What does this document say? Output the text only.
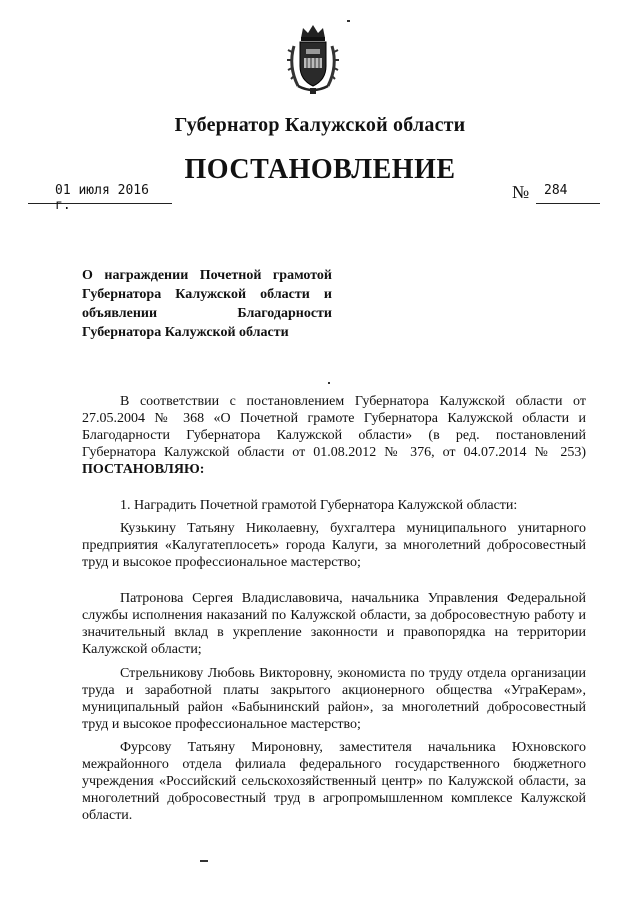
Губернатор Калужской области
ПОСТАНОВЛЕНИЕ
01 июля 2016 г.
№ 284
О награждении Почетной грамотой Губернатора Калужской области и объявлении Благодарности Губернатора Калужской области

В соответствии с постановлением Губернатора Калужской области от 27.05.2004 № 368 «О Почетной грамоте Губернатора Калужской области и Благодарности Губернатора Калужской области» (в ред. постановлений Губернатора Калужской области от 01.08.2012 № 376, от 04.07.2014 № 253) ПОСТАНОВЛЯЮ:

1. Наградить Почетной грамотой Губернатора Калужской области:

Кузькину Татьяну Николаевну, бухгалтера муниципального унитарного предприятия «Калугатеплосеть» города Калуги, за многолетний добросовестный труд и высокое профессиональное мастерство;

Патронова Сергея Владиславовича, начальника Управления Федеральной службы исполнения наказаний по Калужской области, за добросовестную работу и значительный вклад в укрепление законности и правопорядка на территории Калужской области;

Стрельникову Любовь Викторовну, экономиста по труду отдела организации труда и заработной платы закрытого акционерного общества «УграКерам», муниципальный район «Бабынинский район», за многолетний добросовестный труд и высокое профессиональное мастерство;

Фурсову Татьяну Мироновну, заместителя начальника Юхновского межрайонного отдела филиала федерального государственного бюджетного учреждения «Российский сельскохозяйственный центр» по Калужской области, за многолетний добросовестный труд в агропромышленном комплексе Калужской области.
